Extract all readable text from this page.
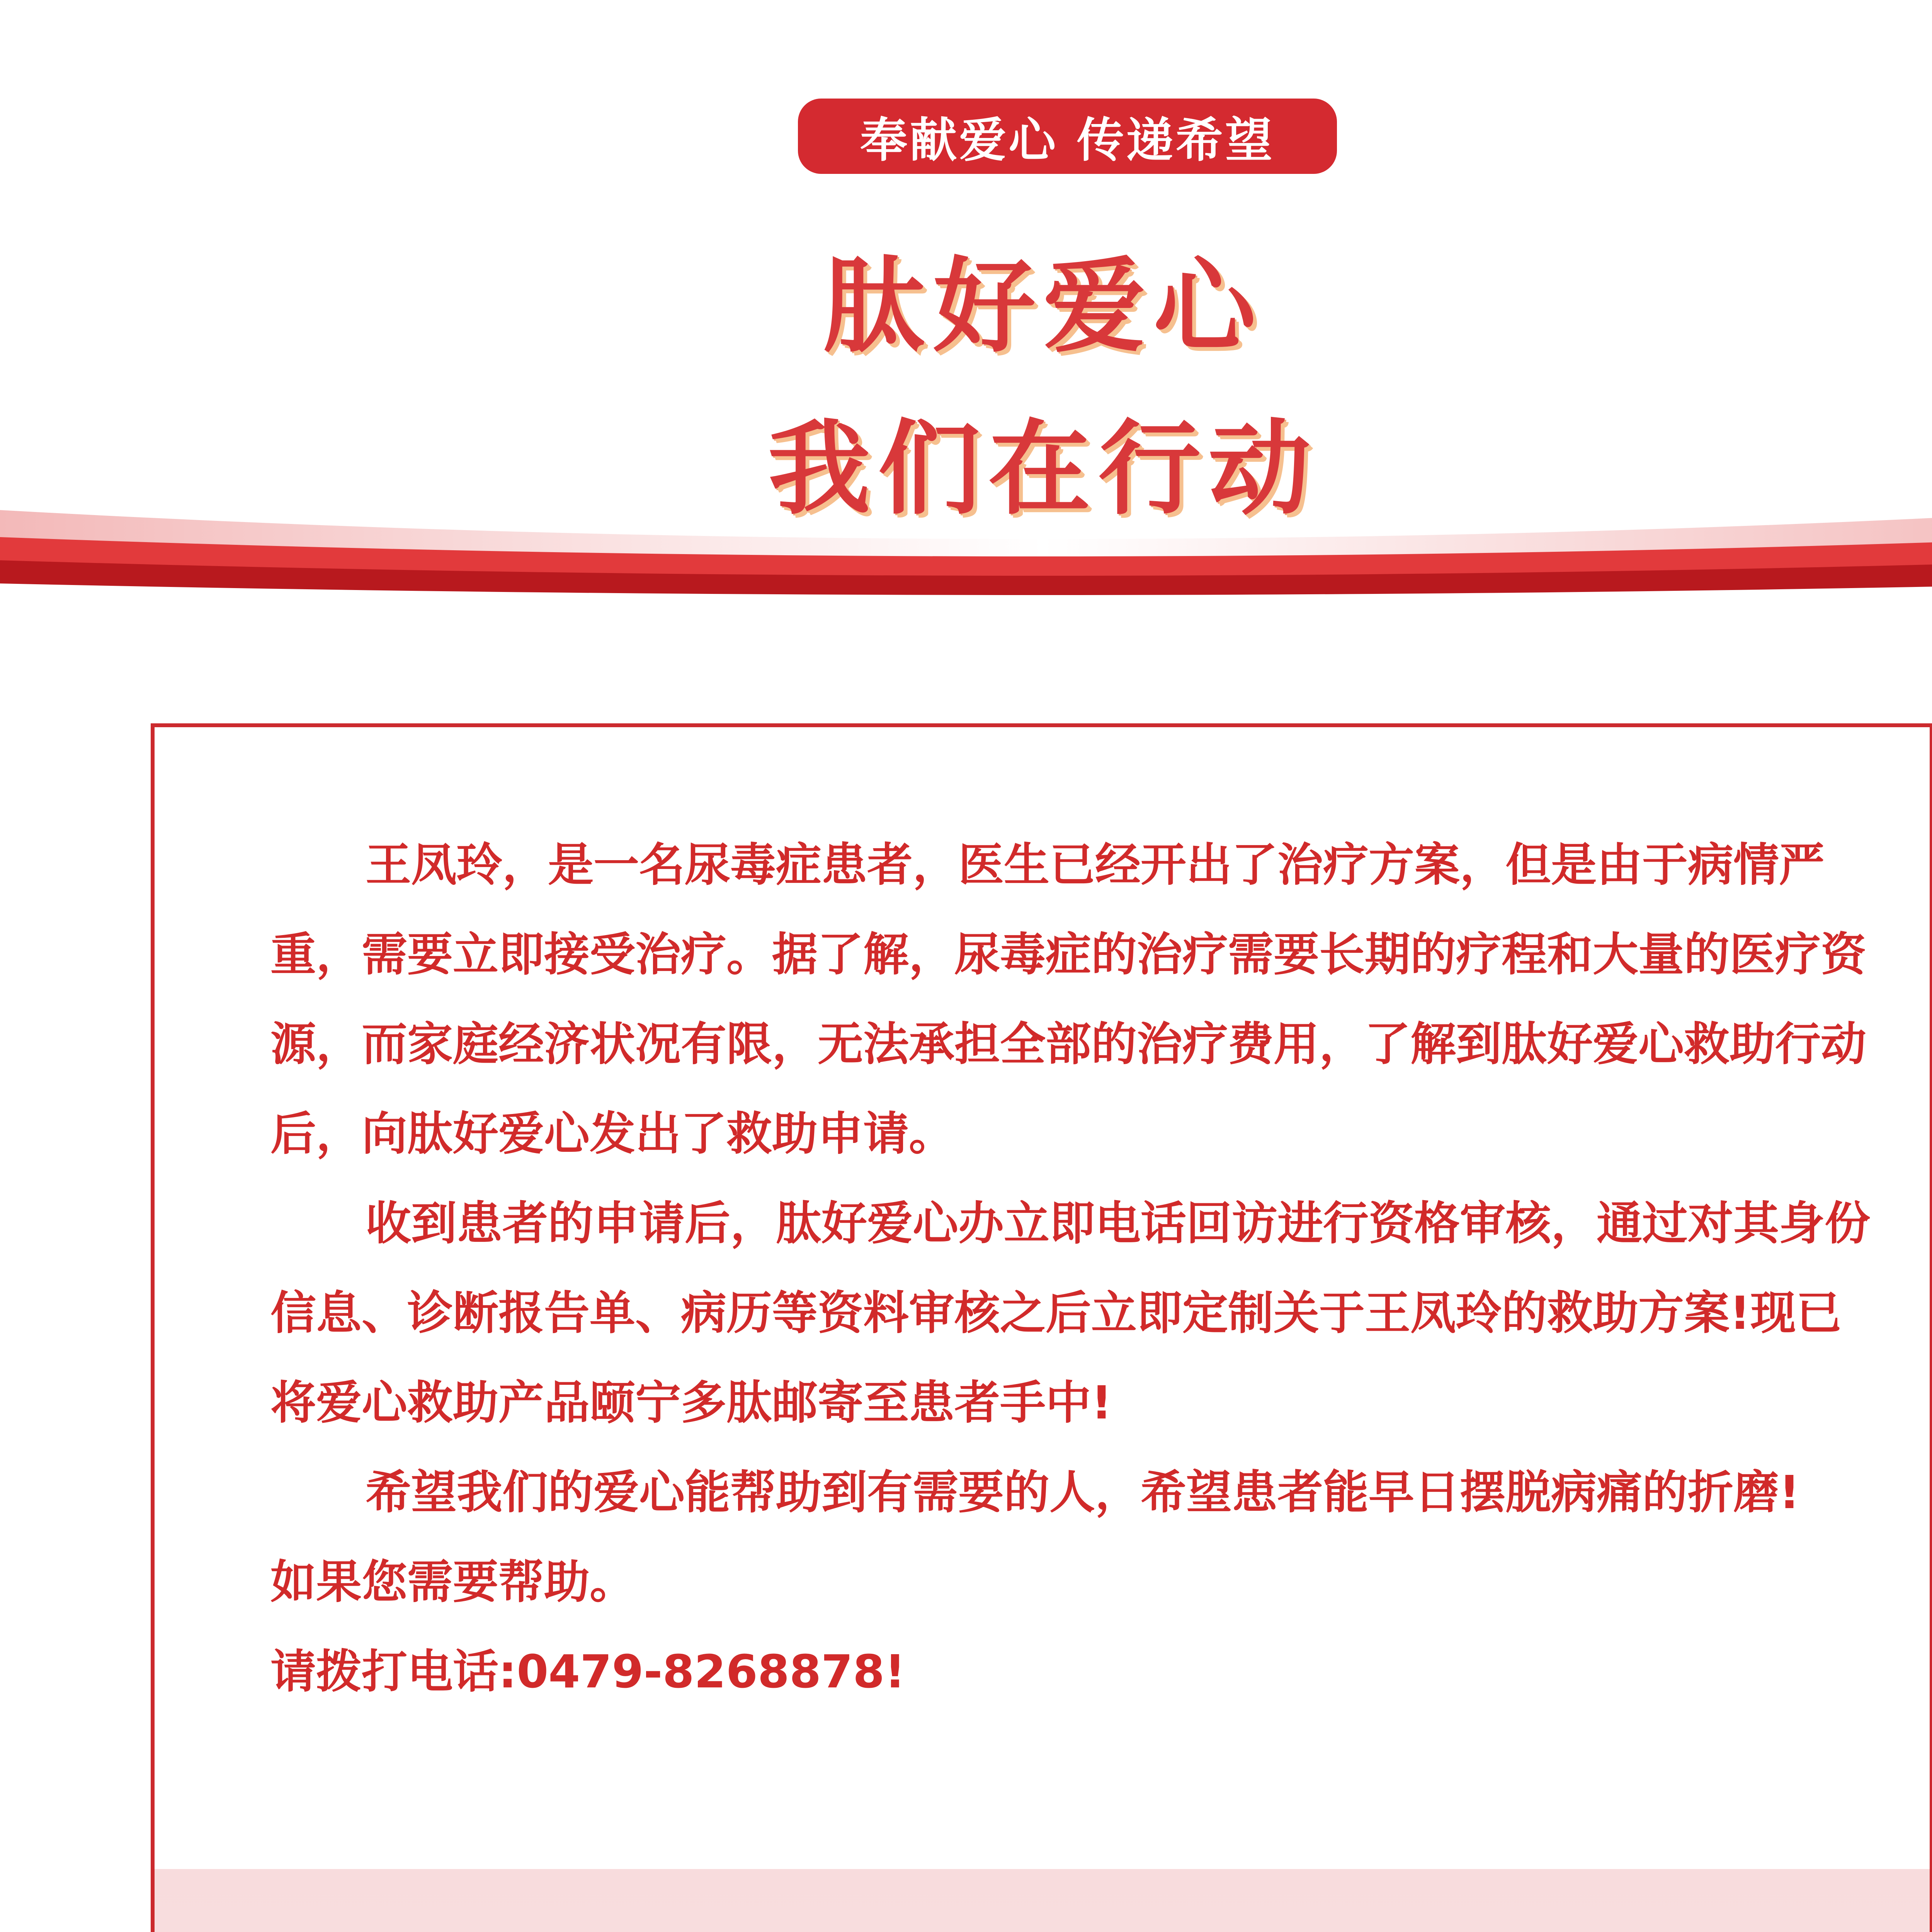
奉献爱心 传递希望
肽好爱心
我们在行动

王凤玲，是一名尿毒症患者，医生已经开出了治疗方案，但是由于病情严重，需要立即接受治疗。据了解，尿毒症的治疗需要长期的疗程和大量的医疗资源，而家庭经济状况有限，无法承担全部的治疗费用，了解到肽好爱心救助行动后，向肽好爱心发出了救助申请。

收到患者的申请后，肽好爱心办立即电话回访进行资格审核，通过对其身份信息、诊断报告单、病历等资料审核之后立即定制关于王凤玲的救助方案!现已将爱心救助产品颐宁多肽邮寄至患者手中!

希望我们的爱心能帮助到有需要的人，希望患者能早日摆脱病痛的折磨!

如果您需要帮助。

请拨打电话:0479-8268878!
